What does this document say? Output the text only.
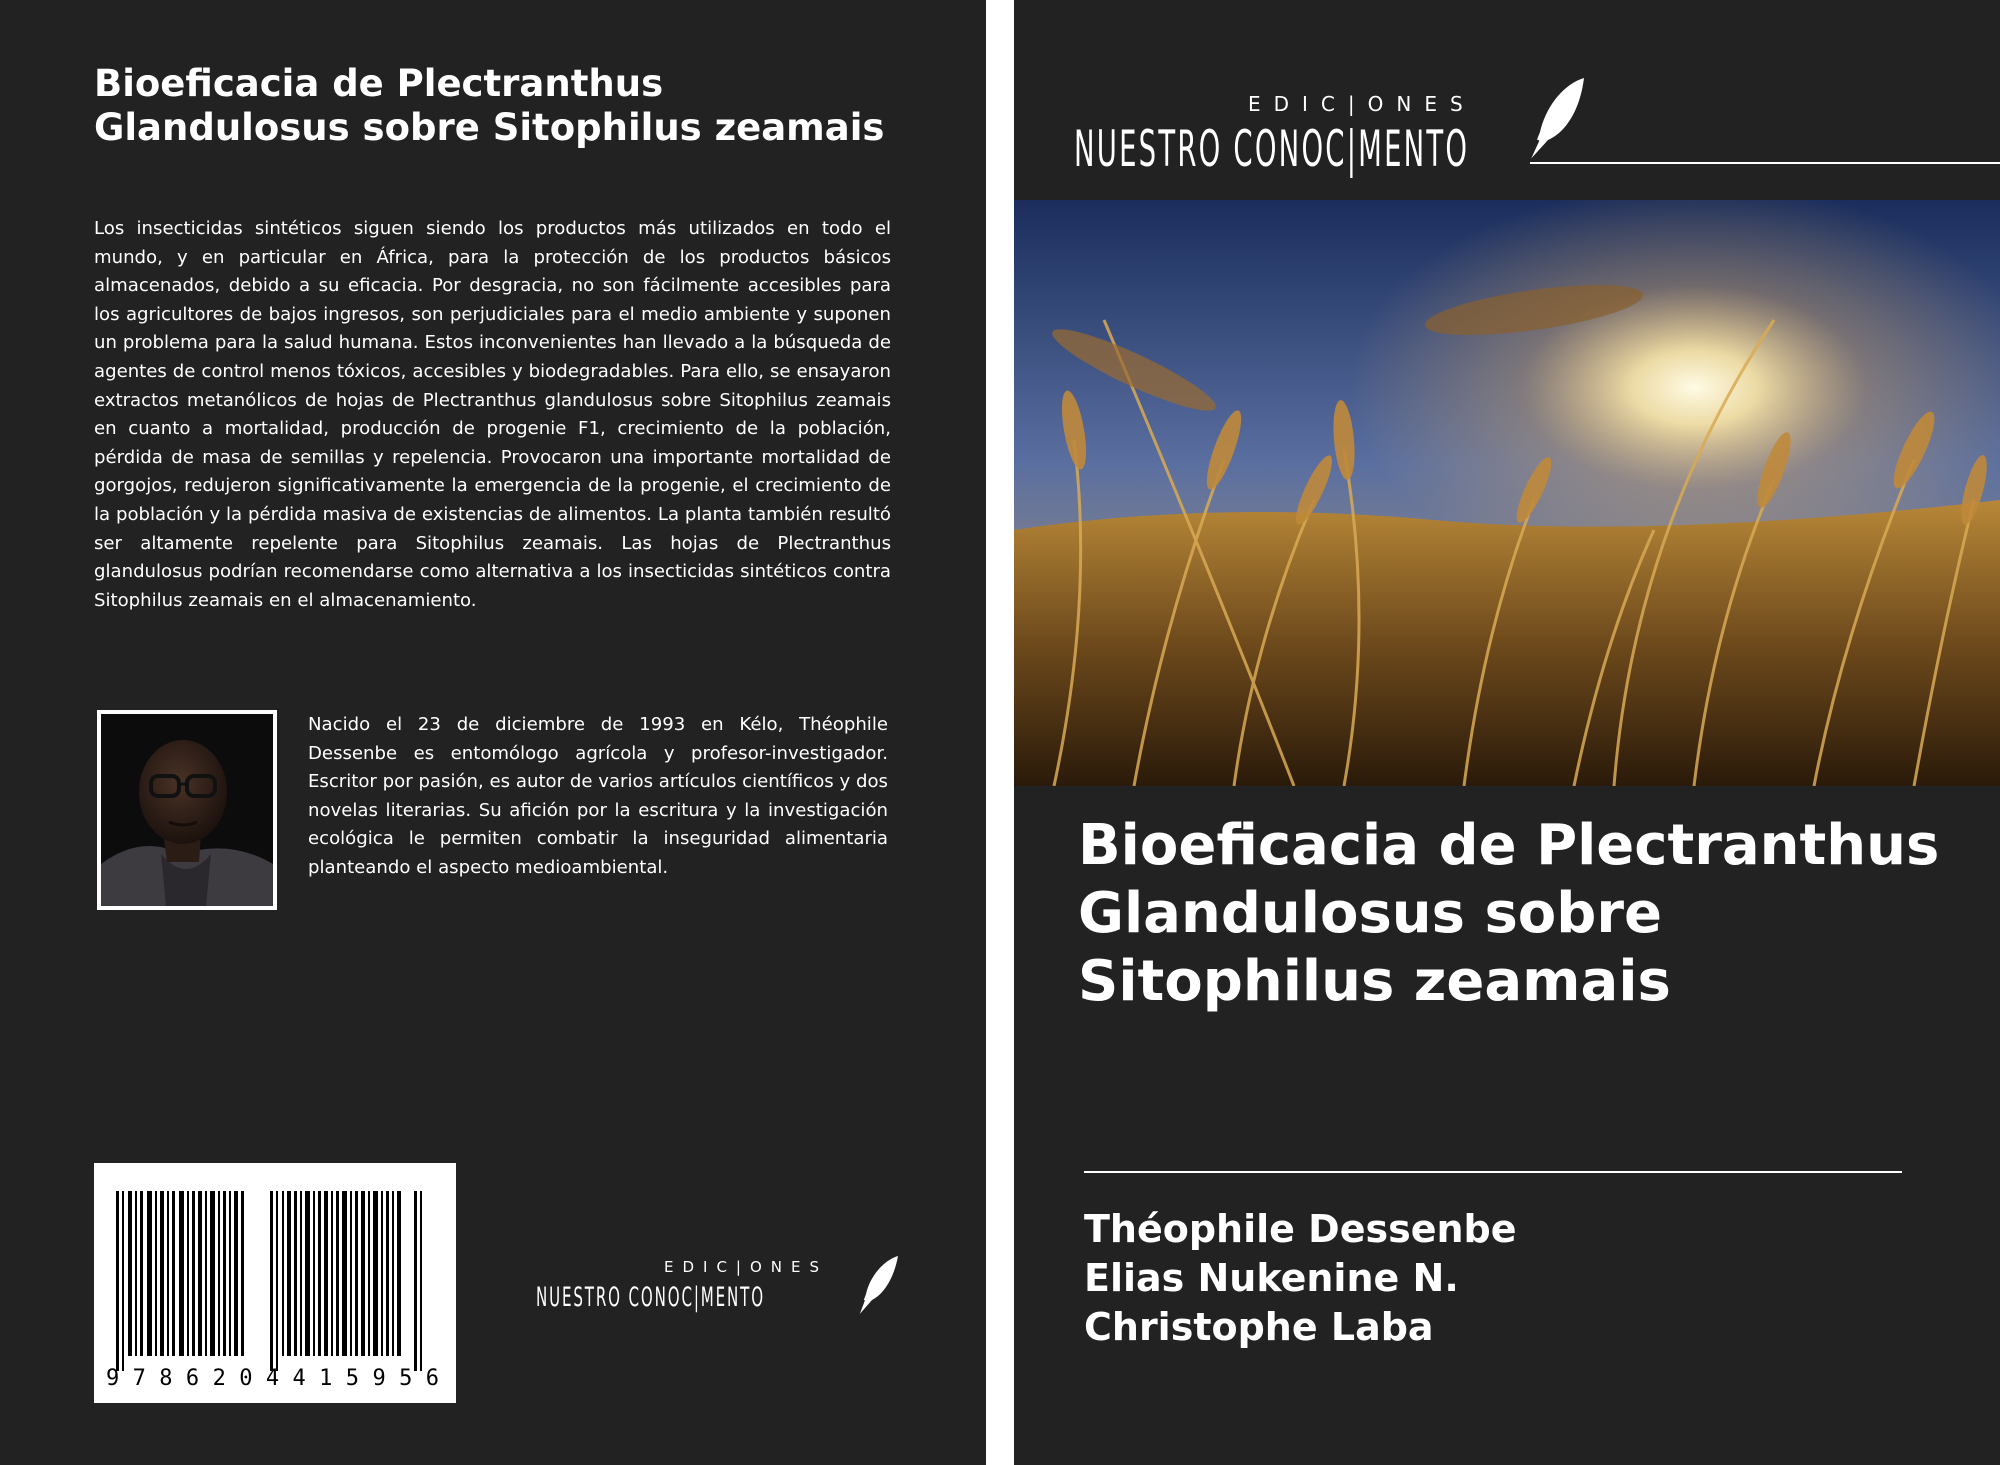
Bioeficacia de Plectranthus Glandulosus sobre Sitophilus zeamais

Los insecticidas sintéticos siguen siendo los productos más utilizados en todo el mundo, y en particular en África, para la protección de los productos básicos almacenados, debido a su eficacia. Por desgracia, no son fácilmente accesibles para los agricultores de bajos ingresos, son perjudiciales para el medio ambiente y suponen un problema para la salud humana. Estos inconvenientes han llevado a la búsqueda de agentes de control menos tóxicos, accesibles y biodegradables. Para ello, se ensayaron extractos metanólicos de hojas de Plectranthus glandulosus sobre Sitophilus zeamais en cuanto a mortalidad, producción de progenie F1, crecimiento de la población, pérdida de masa de semillas y repelencia. Provocaron una importante mortalidad de gorgojos, redujeron significativamente la emergencia de la progenie, el crecimiento de la población y la pérdida masiva de existencias de alimentos. La planta también resultó ser altamente repelente para Sitophilus zeamais. Las hojas de Plectranthus glandulosus podrían recomendarse como alternativa a los insecticidas sintéticos contra Sitophilus zeamais en el almacenamiento.

Nacido el 23 de diciembre de 1993 en Kélo, Théophile Dessenbe es entomólogo agrícola y profesor-investigador. Escritor por pasión, es autor de varios artículos científicos y dos novelas literarias. Su afición por la escritura y la investigación ecológica le permiten combatir la inseguridad alimentaria planteando el aspecto medioambiental.

9786204415956
EDIC|ONES
NUESTRO CONOC|MENTO
EDIC|ONES
NUESTRO CONOC|MENTO
Bioeficacia de Plectranthus Glandulosus sobre Sitophilus zeamais
Théophile Dessenbe
Elias Nukenine N.
Christophe Laba
